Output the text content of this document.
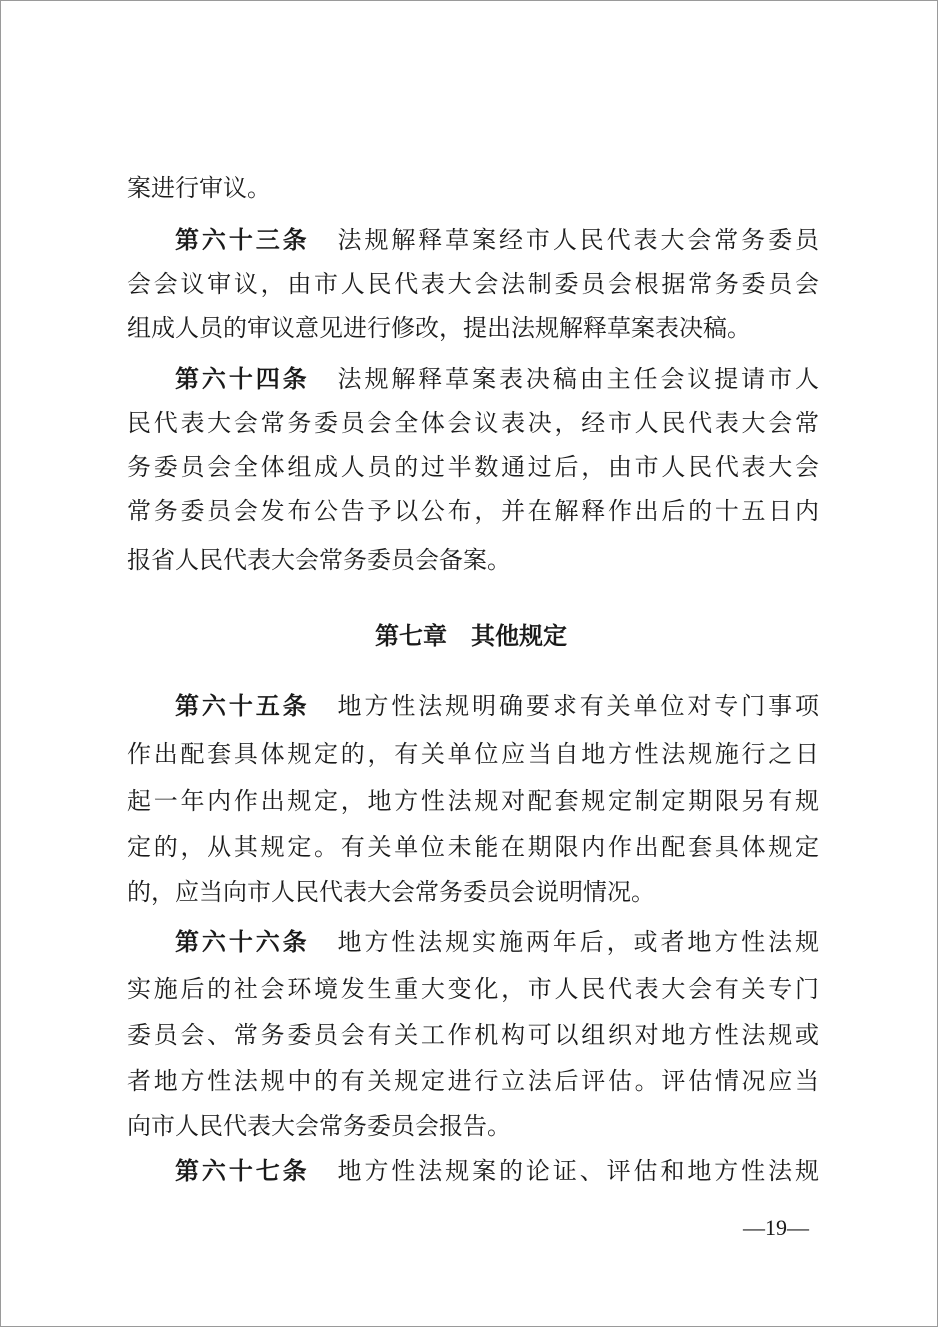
案进行审议。
第六十三条 法规解释草案经市人民代表大会常务委员
会会议审议，由市人民代表大会法制委员会根据常务委员会
组成人员的审议意见进行修改，提出法规解释草案表决稿。
第六十四条 法规解释草案表决稿由主任会议提请市人
民代表大会常务委员会全体会议表决，经市人民代表大会常
务委员会全体组成人员的过半数通过后，由市人民代表大会
常务委员会发布公告予以公布，并在解释作出后的十五日内
报省人民代表大会常务委员会备案。
第七章　其他规定
第六十五条 地方性法规明确要求有关单位对专门事项
作出配套具体规定的，有关单位应当自地方性法规施行之日
起一年内作出规定，地方性法规对配套规定制定期限另有规
定的，从其规定。有关单位未能在期限内作出配套具体规定
的，应当向市人民代表大会常务委员会说明情况。
第六十六条 地方性法规实施两年后，或者地方性法规
实施后的社会环境发生重大变化，市人民代表大会有关专门
委员会、常务委员会有关工作机构可以组织对地方性法规或
者地方性法规中的有关规定进行立法后评估。评估情况应当
向市人民代表大会常务委员会报告。
第六十七条 地方性法规案的论证、评估和地方性法规
—19—
